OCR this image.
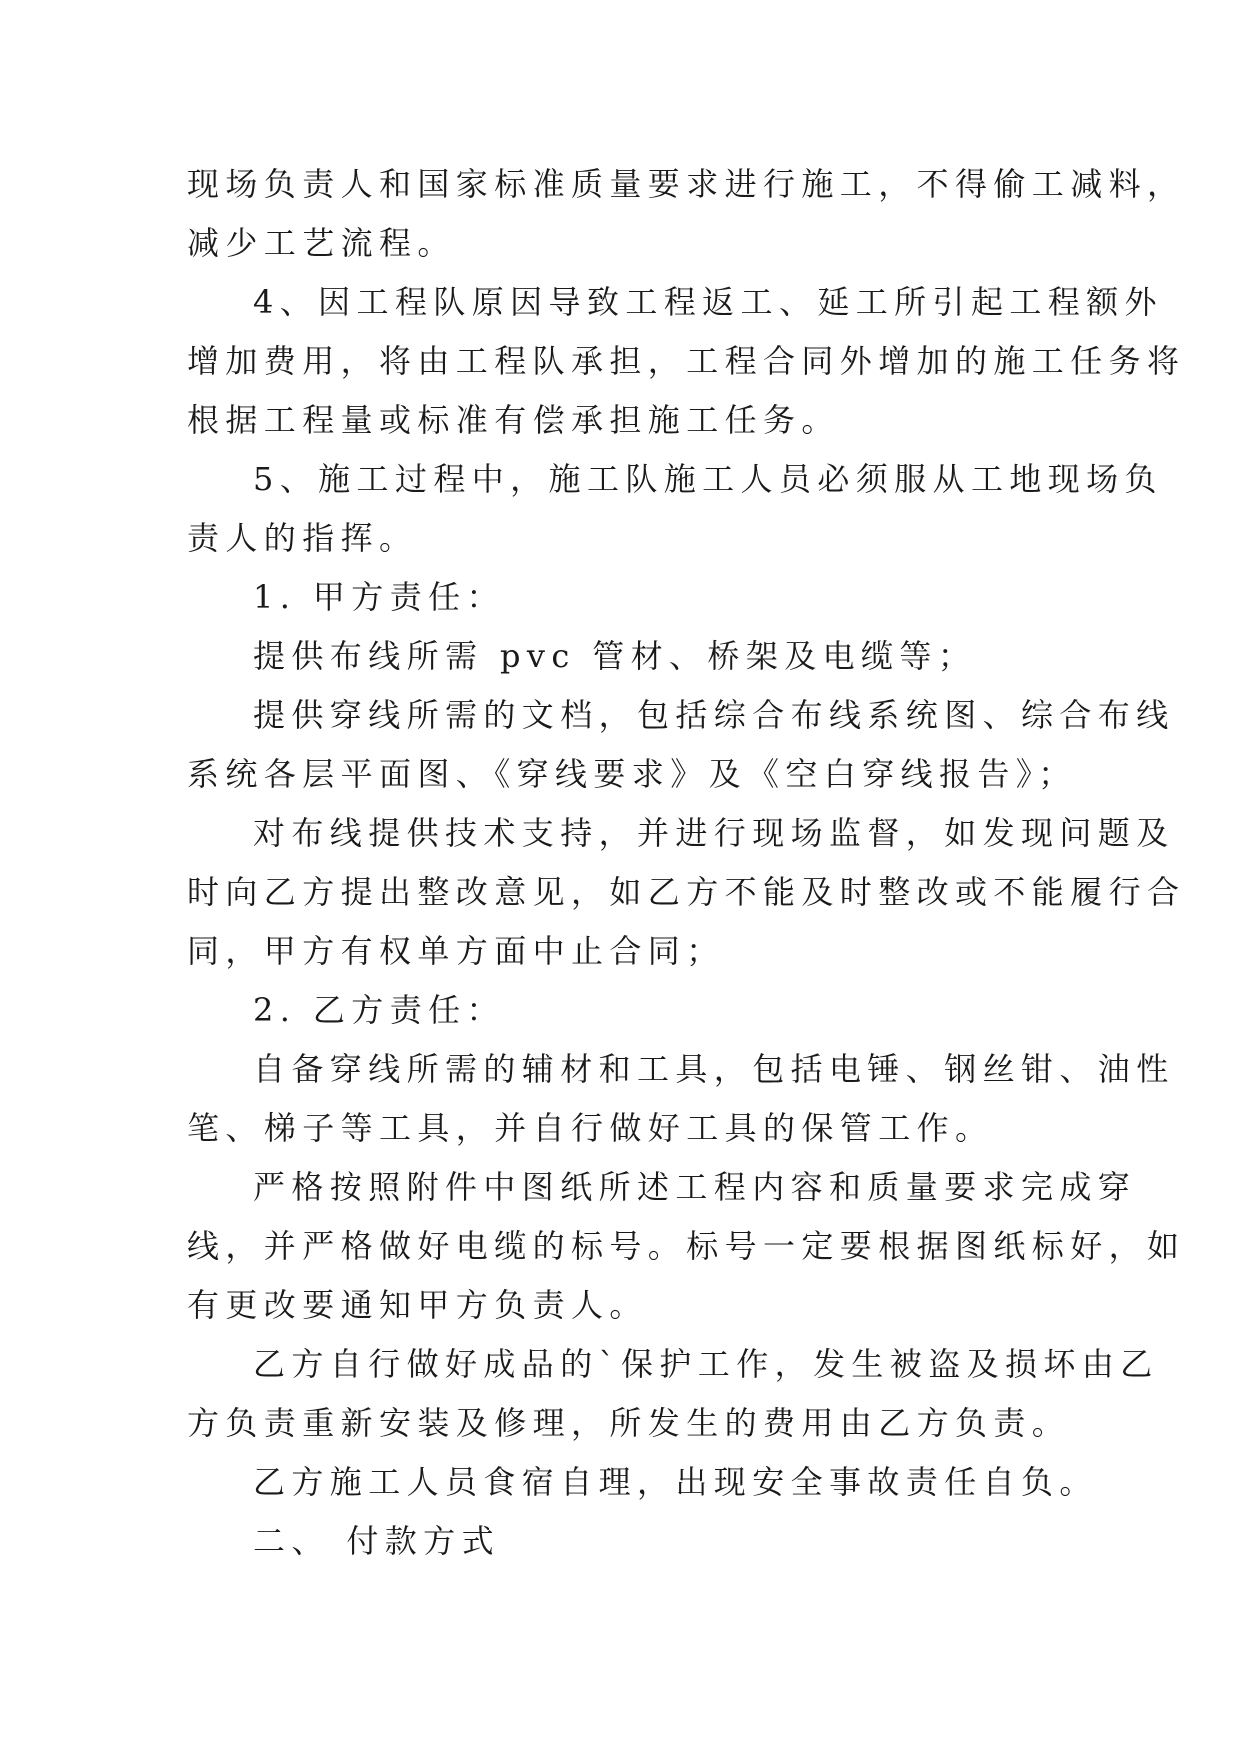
现场负责人和国家标准质量要求进行施工，不得偷工减料，
减少工艺流程。
4、因工程队原因导致工程返工、延工所引起工程额外
增加费用，将由工程队承担，工程合同外增加的施工任务将
根据工程量或标准有偿承担施工任务。
5、施工过程中，施工队施工人员必须服从工地现场负
责人的指挥。
1. 甲方责任：
提供布线所需 pvc 管材、桥架及电缆等；
提供穿线所需的文档，包括综合布线系统图、综合布线
系统各层平面图、《穿线要求》及《空白穿线报告》；
对布线提供技术支持，并进行现场监督，如发现问题及
时向乙方提出整改意见，如乙方不能及时整改或不能履行合
同，甲方有权单方面中止合同；
2. 乙方责任：
自备穿线所需的辅材和工具，包括电锤、钢丝钳、油性
笔、梯子等工具，并自行做好工具的保管工作。
严格按照附件中图纸所述工程内容和质量要求完成穿
线，并严格做好电缆的标号。标号一定要根据图纸标好，如
有更改要通知甲方负责人。
乙方自行做好成品的`保护工作，发生被盗及损坏由乙
方负责重新安装及修理，所发生的费用由乙方负责。
乙方施工人员食宿自理，出现安全事故责任自负。
二、 付款方式
